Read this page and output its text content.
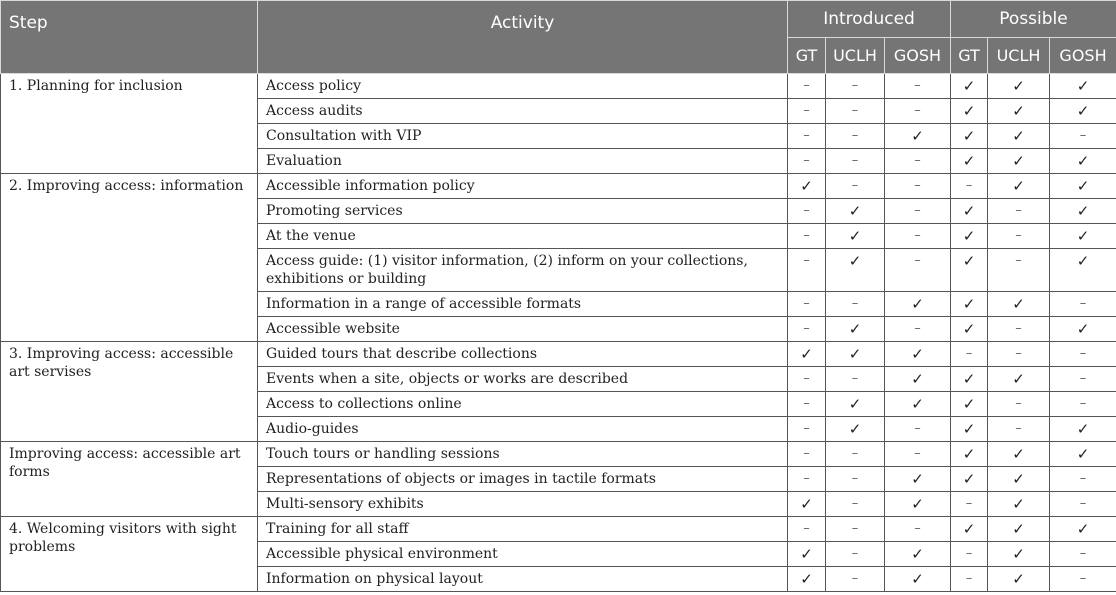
Step	Activity	Introduced			Possible		
		GT	UCLH	GOSH	GT	UCLH	GOSH
1. Planning for inclusion	Access policy	–	–	–	✓	✓	✓
	Access audits	–	–	–	✓	✓	✓
	Consultation with VIP	–	–	✓	✓	✓	–
	Evaluation	–	–	–	✓	✓	✓
2. Improving access: information	Accessible information policy	✓	–	–	–	✓	✓
	Promoting services	–	✓	–	✓	–	✓
	At the venue	–	✓	–	✓	–	✓
	Access guide: (1) visitor information, (2) inform on your collections, exhibitions or building	–	✓	–	✓	–	✓
	Information in a range of accessible formats	–	–	✓	✓	✓	–
	Accessible website	–	✓	–	✓	–	✓
3. Improving access: accessible art servises	Guided tours that describe collections	✓	✓	✓	–	–	–
	Events when a site, objects or works are described	–	–	✓	✓	✓	–
	Access to collections online	–	✓	✓	✓	–	–
	Audio-guides	–	✓	–	✓	–	✓
Improving access: accessible art forms	Touch tours or handling sessions	–	–	–	✓	✓	✓
	Representations of objects or images in tactile formats	–	–	✓	✓	✓	–
	Multi-sensory exhibits	✓	–	✓	–	✓	–
4. Welcoming visitors with sight problems	Training for all staff	–	–	–	✓	✓	✓
	Accessible physical environment	✓	–	✓	–	✓	–
	Information on physical layout	✓	–	✓	–	✓	–
